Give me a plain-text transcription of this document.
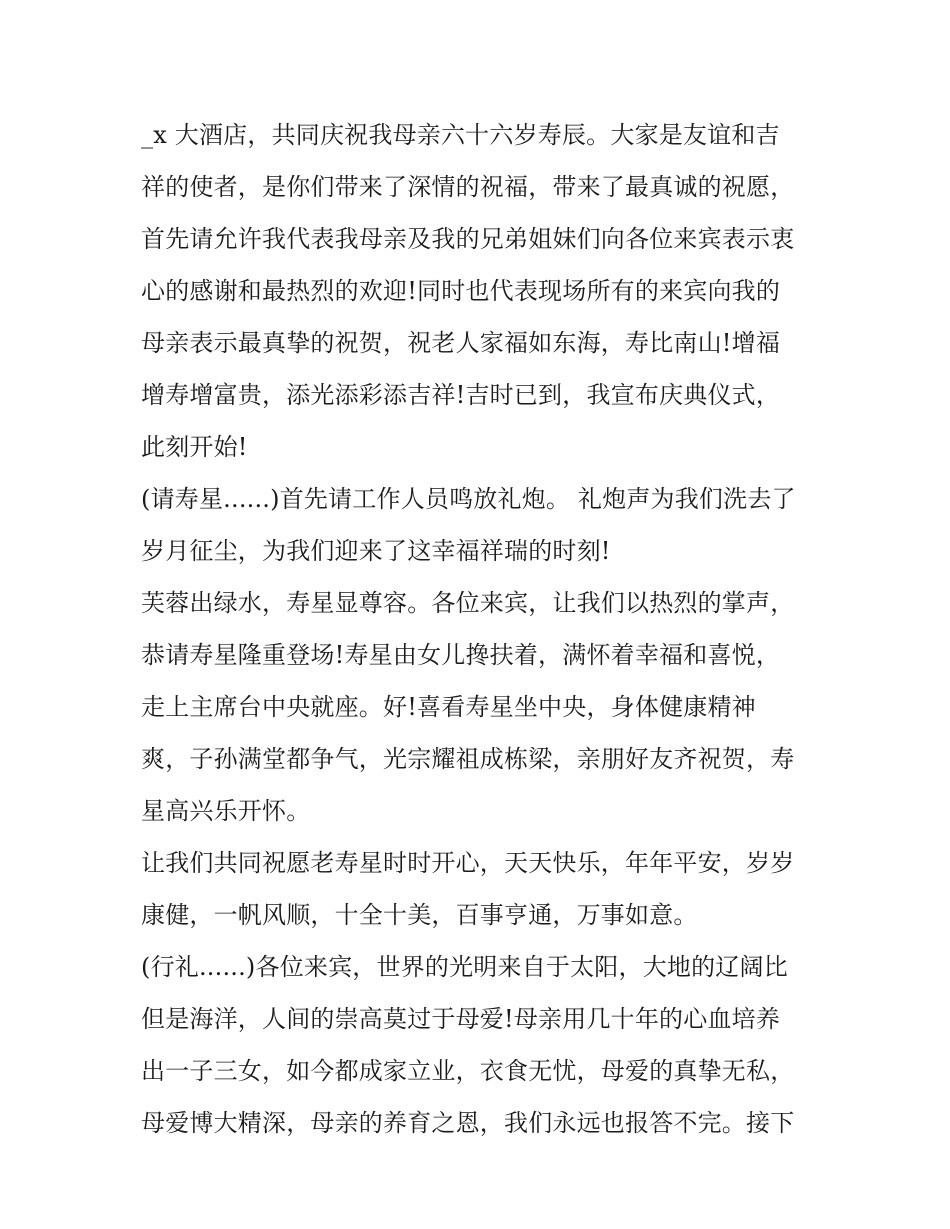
_x 大酒店，共同庆祝我母亲六十六岁寿辰。大家是友谊和吉
祥的使者，是你们带来了深情的祝福，带来了最真诚的祝愿，
首先请允许我代表我母亲及我的兄弟姐妹们向各位来宾表示衷
心的感谢和最热烈的欢迎!同时也代表现场所有的来宾向我的
母亲表示最真挚的祝贺，祝老人家福如东海，寿比南山!增福
增寿增富贵，添光添彩添吉祥!吉时已到，我宣布庆典仪式，
此刻开始!
(请寿星......)首先请工作人员鸣放礼炮。 礼炮声为我们洗去了
岁月征尘，为我们迎来了这幸福祥瑞的时刻!
芙蓉出绿水，寿星显尊容。各位来宾，让我们以热烈的掌声，
恭请寿星隆重登场!寿星由女儿搀扶着，满怀着幸福和喜悦，
走上主席台中央就座。好!喜看寿星坐中央，身体健康精神
爽，子孙满堂都争气，光宗耀祖成栋梁，亲朋好友齐祝贺，寿
星高兴乐开怀。
让我们共同祝愿老寿星时时开心，天天快乐，年年平安，岁岁
康健，一帆风顺，十全十美，百事亨通，万事如意。
(行礼......)各位来宾，世界的光明来自于太阳，大地的辽阔比
但是海洋，人间的崇高莫过于母爱!母亲用几十年的心血培养
出一子三女，如今都成家立业，衣食无忧，母爱的真挚无私，
母爱博大精深，母亲的养育之恩，我们永远也报答不完。接下
